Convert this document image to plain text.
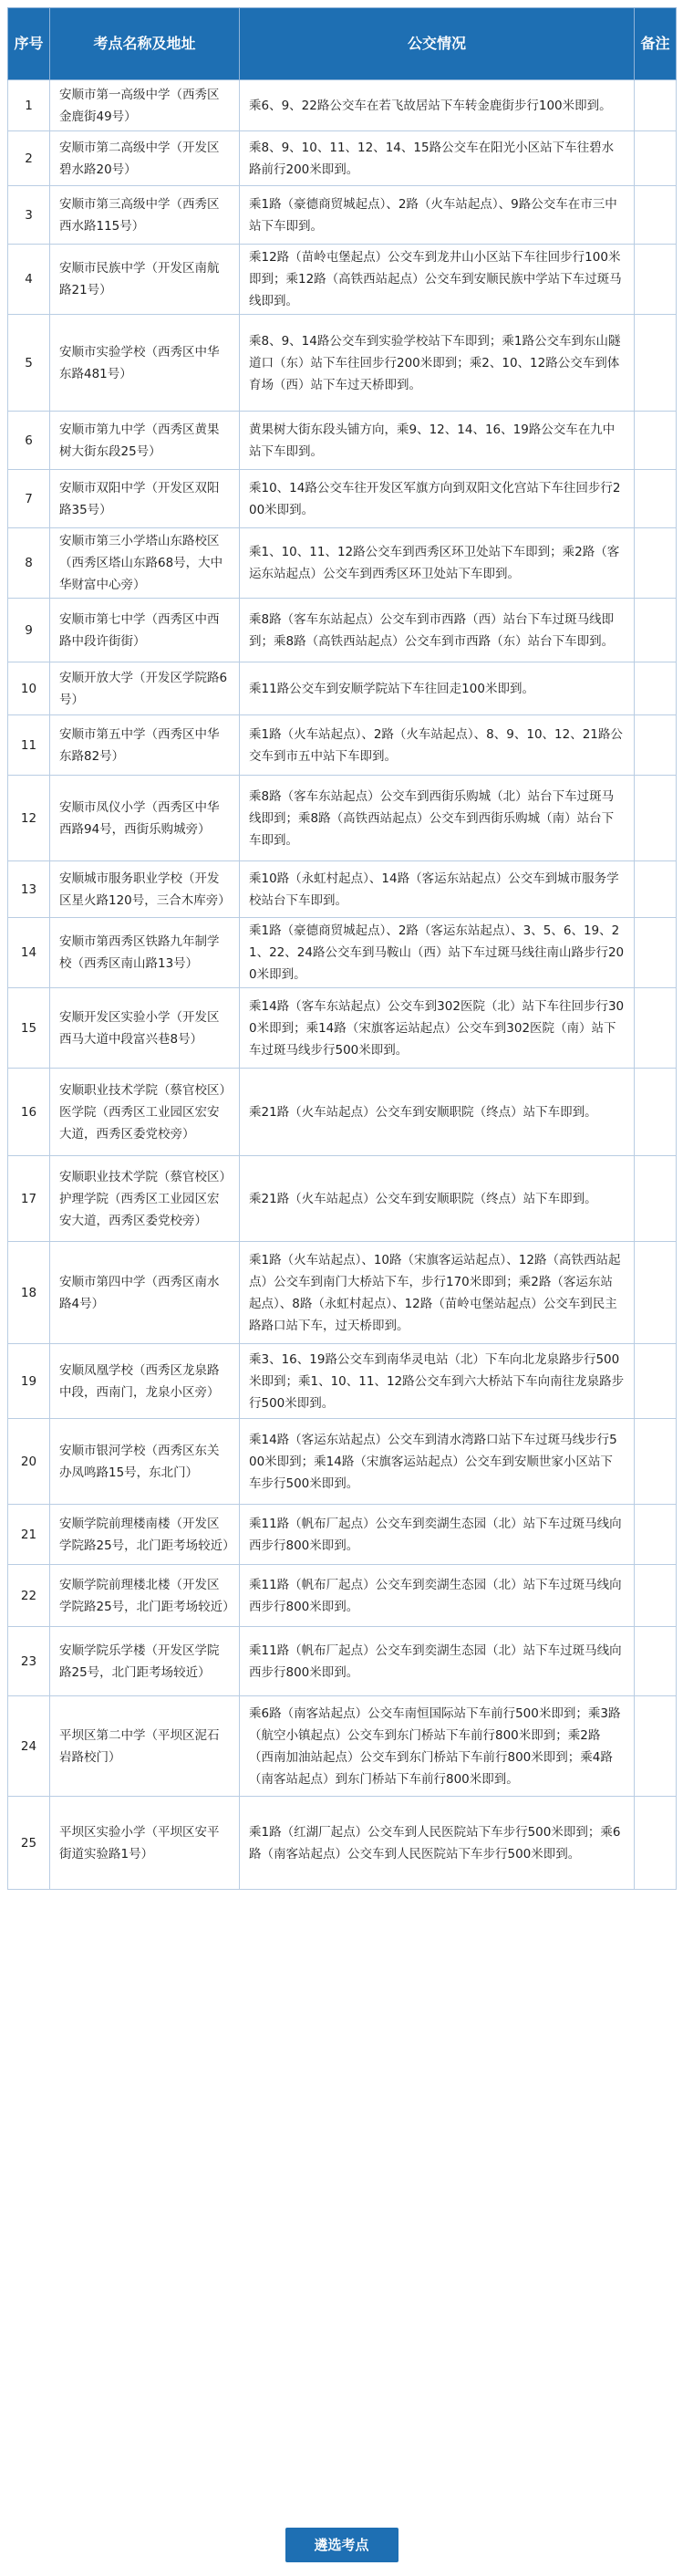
序号	考点名称及地址	公交情况	备注
1	安顺市第一高级中学（西秀区金鹿街49号）	乘6、9、22路公交车在若飞故居站下车转金鹿街步行100米即到。	
2	安顺市第二高级中学（开发区碧水路20号）	乘8、9、10、11、12、14、15路公交车在阳光小区站下车往碧水路前行200米即到。	
3	安顺市第三高级中学（西秀区西水路115号）	乘1路（豪德商贸城起点）、2路（火车站起点）、9路公交车在市三中站下车即到。	
4	安顺市民族中学（开发区南航路21号）	乘12路（苗岭屯堡起点）公交车到龙井山小区站下车往回步行100米即到；乘12路（高铁西站起点）公交车到安顺民族中学站下车过斑马线即到。	
5	安顺市实验学校（西秀区中华东路481号）	乘8、9、14路公交车到实验学校站下车即到；乘1路公交车到东山隧道口（东）站下车往回步行200米即到；乘2、10、12路公交车到体育场（西）站下车过天桥即到。	
6	安顺市第九中学（西秀区黄果树大街东段25号）	黄果树大街东段头铺方向，乘9、12、14、16、19路公交车在九中站下车即到。	
7	安顺市双阳中学（开发区双阳路35号）	乘10、14路公交车往开发区军旗方向到双阳文化宫站下车往回步行200米即到。	
8	安顺市第三小学塔山东路校区（西秀区塔山东路68号，大中华财富中心旁）	乘1、10、11、12路公交车到西秀区环卫处站下车即到；乘2路（客运东站起点）公交车到西秀区环卫处站下车即到。	
9	安顺市第七中学（西秀区中西路中段许街街）	乘8路（客车东站起点）公交车到市西路（西）站台下车过斑马线即到；乘8路（高铁西站起点）公交车到市西路（东）站台下车即到。	
10	安顺开放大学（开发区学院路6号）	乘11路公交车到安顺学院站下车往回走100米即到。	
11	安顺市第五中学（西秀区中华东路82号）	乘1路（火车站起点）、2路（火车站起点）、8、9、10、12、21路公交车到市五中站下车即到。	
12	安顺市凤仪小学（西秀区中华西路94号，西街乐购城旁）	乘8路（客车东站起点）公交车到西街乐购城（北）站台下车过斑马线即到；乘8路（高铁西站起点）公交车到西街乐购城（南）站台下车即到。	
13	安顺城市服务职业学校（开发区星火路120号，三合木库旁）	乘10路（永虹村起点）、14路（客运东站起点）公交车到城市服务学校站台下车即到。	
14	安顺市第西秀区铁路九年制学校（西秀区南山路13号）	乘1路（豪德商贸城起点）、2路（客运东站起点）、3、5、6、19、21、22、24路公交车到马鞍山（西）站下车过斑马线往南山路步行200米即到。	
15	安顺开发区实验小学（开发区西马大道中段富兴巷8号）	乘14路（客车东站起点）公交车到302医院（北）站下车往回步行300米即到；乘14路（宋旗客运站起点）公交车到302医院（南）站下车过斑马线步行500米即到。	
16	安顺职业技术学院（蔡官校区）医学院（西秀区工业园区宏安大道，西秀区委党校旁）	乘21路（火车站起点）公交车到安顺职院（终点）站下车即到。	
17	安顺职业技术学院（蔡官校区）护理学院（西秀区工业园区宏安大道，西秀区委党校旁）	乘21路（火车站起点）公交车到安顺职院（终点）站下车即到。	
18	安顺市第四中学（西秀区南水路4号）	乘1路（火车站起点）、10路（宋旗客运站起点）、12路（高铁西站起点）公交车到南门大桥站下车，步行170米即到；乘2路（客运东站起点）、8路（永虹村起点）、12路（苗岭屯堡站起点）公交车到民主路路口站下车，过天桥即到。	
19	安顺凤凰学校（西秀区龙泉路中段，西南门，龙泉小区旁）	乘3、16、19路公交车到南华灵电站（北）下车向北龙泉路步行500米即到；乘1、10、11、12路公交车到六大桥站下车向南往龙泉路步行500米即到。	
20	安顺市银河学校（西秀区东关办凤鸣路15号，东北门）	乘14路（客运东站起点）公交车到清水湾路口站下车过斑马线步行500米即到；乘14路（宋旗客运站起点）公交车到安顺世家小区站下车步行500米即到。	
21	安顺学院前理楼南楼（开发区学院路25号，北门距考场较近）	乘11路（帆布厂起点）公交车到奕湖生态园（北）站下车过斑马线向西步行800米即到。	
22	安顺学院前理楼北楼（开发区学院路25号，北门距考场较近）	乘11路（帆布厂起点）公交车到奕湖生态园（北）站下车过斑马线向西步行800米即到。	
23	安顺学院乐学楼（开发区学院路25号，北门距考场较近）	乘11路（帆布厂起点）公交车到奕湖生态园（北）站下车过斑马线向西步行800米即到。	
24	平坝区第二中学（平坝区泥石岩路校门）	乘6路（南客站起点）公交车南恒国际站下车前行500米即到；乘3路（航空小镇起点）公交车到东门桥站下车前行800米即到；乘2路（西南加油站起点）公交车到东门桥站下车前行800米即到；乘4路（南客站起点）到东门桥站下车前行800米即到。	
25	平坝区实验小学（平坝区安平街道实验路1号）	乘1路（红湖厂起点）公交车到人民医院站下车步行500米即到；乘6路（南客站起点）公交车到人民医院站下车步行500米即到。	
遴选考点
